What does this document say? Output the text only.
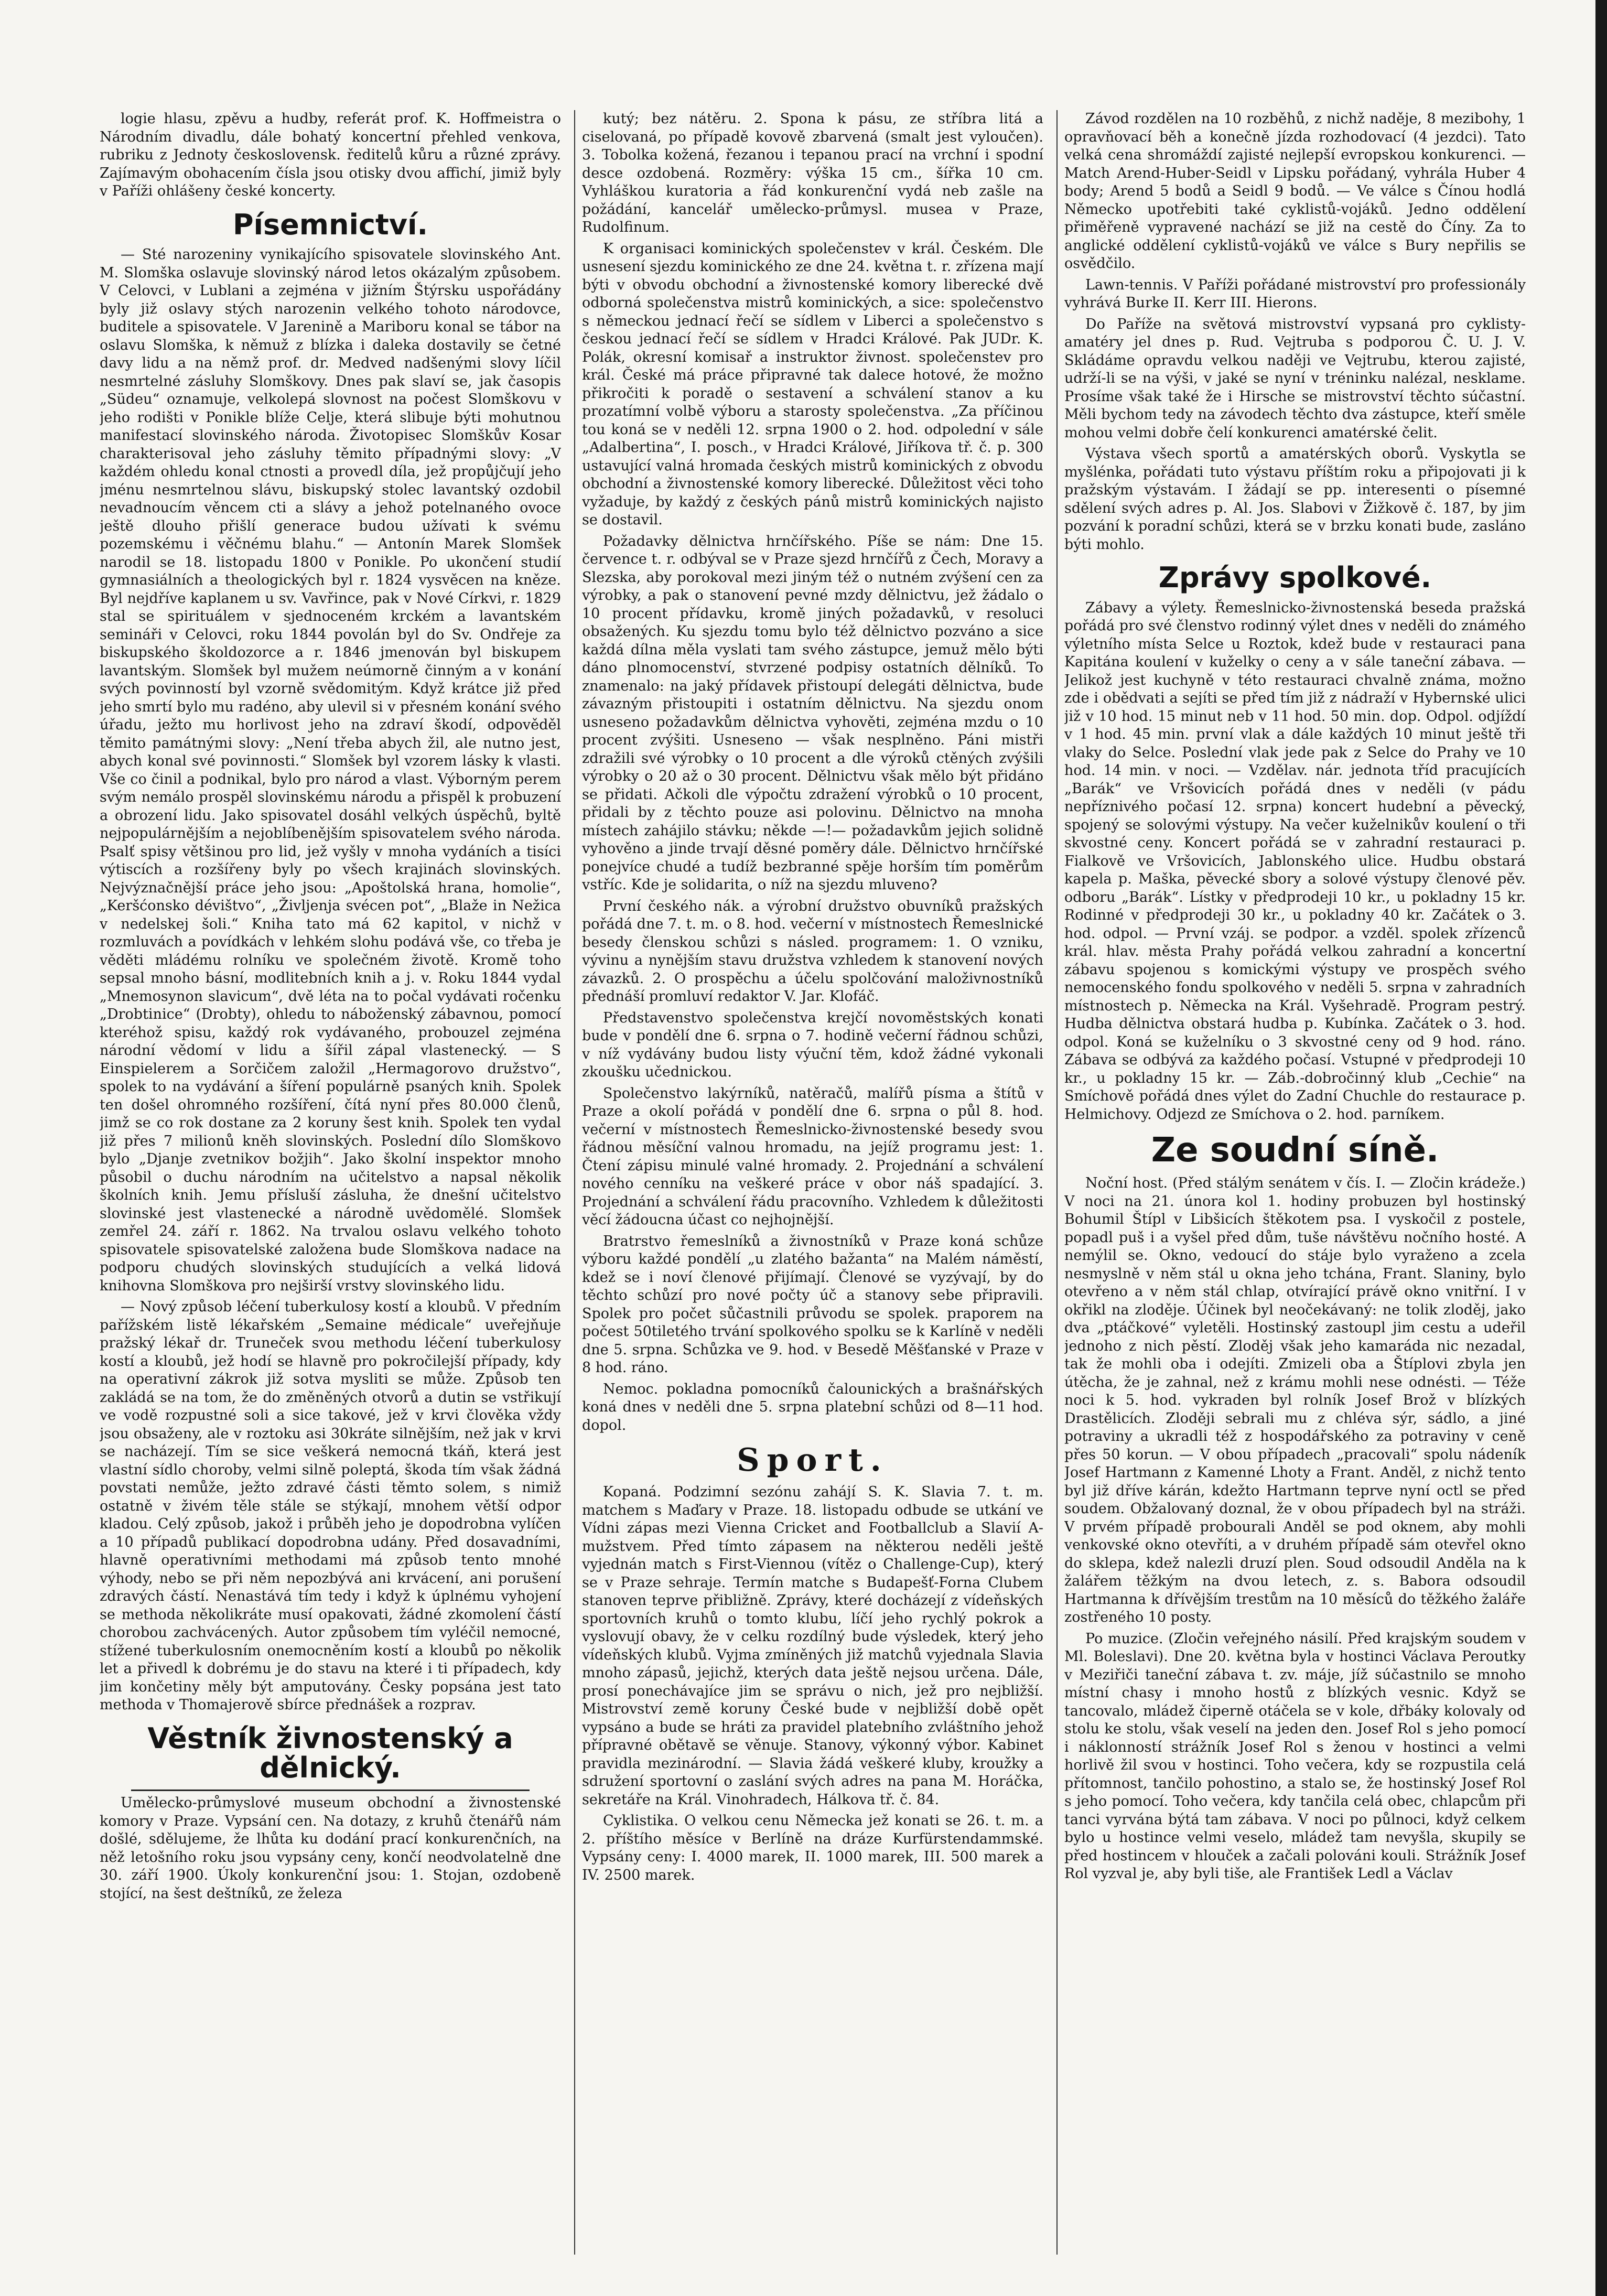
logie hlasu, zpěvu a hudby, referát prof. K. Hoffmeistra o Národním divadlu, dále bohatý koncertní přehled venkova, rubriku z Jednoty československ. ředitelů kůru a různé zprávy. Zajímavým obohacením čísla jsou otisky dvou affichí, jimiž byly v Paříži ohlášeny české koncerty.

Písemnictví.

— Sté narozeniny vynikajícího spisovatele slovinského Ant. M. Slomška oslavuje slovinský národ letos okázalým způsobem. V Celovci, v Lublani a zejména v jižním Štýrsku uspořádány byly již oslavy stých narozenin velkého tohoto národovce, buditele a spisovatele. V Jarenině a Mariboru konal se tábor na oslavu Slomška, k němuž z blízka i daleka dostavily se četné davy lidu a na němž prof. dr. Medved nadšenými slovy líčil nesmrtelné zásluhy Slomškovy. Dnes pak slaví se, jak časopis „Südeu“ oznamuje, velkolepá slovnost na počest Slomškovu v jeho rodišti v Ponikle blíže Celje, která slibuje býti mohutnou manifestací slovinského národa. Životopisec Slomškův Kosar charakterisoval jeho zásluhy těmito případnými slovy: „V každém ohledu konal ctnosti a provedl díla, jež propůjčují jeho jménu nesmrtelnou slávu, biskupský stolec lavantský ozdobil nevadnoucím věncem cti a slávy a jehož potelnaného ovoce ještě dlouho přišlí generace budou užívati k svému pozemskému i věčnému blahu.“ — Antonín Marek Slomšek narodil se 18. listopadu 1800 v Ponikle. Po ukončení studií gymnasiálních a theologických byl r. 1824 vysvěcen na kněze. Byl nejdříve kaplanem u sv. Vavřince, pak v Nové Církvi, r. 1829 stal se spirituálem v sjednoceném krckém a lavantském semináři v Celovci, roku 1844 povolán byl do Sv. Ondřeje za biskupského školdozorce a r. 1846 jmenován byl biskupem lavantským. Slomšek byl mužem neúmorně činným a v konání svých povinností byl vzorně svědomitým. Když krátce již před jeho smrtí bylo mu radéno, aby ulevil si v přesném konání svého úřadu, ježto mu horlivost jeho na zdraví škodí, odpověděl těmito památnými slovy: „Není třeba abych žil, ale nutno jest, abych konal své povinnosti.“ Slomšek byl vzorem lásky k vlasti. Vše co činil a podnikal, bylo pro národ a vlast. Výborným perem svým nemálo prospěl slovinskému národu a přispěl k probuzení a obrození lidu. Jako spisovatel dosáhl velkých úspěchů, byltě nejpopulárnějším a nejoblíbenějším spisovatelem svého národa. Psalť spisy většinou pro lid, jež vyšly v mnoha vydáních a tisíci výtiscích a rozšířeny byly po všech krajinách slovinských. Nejvýznačnější práce jeho jsou: „Apoštolská hrana, homolie“, „Keršćonsko dévištvo“, „Življenja svécen pot“, „Blaže in Nežica v nedelskej šoli.“ Kniha tato má 62 kapitol, v nichž v rozmluvách a povídkách v lehkém slohu podává vše, co třeba je věděti mládému rolníku ve společném životě. Kromě toho sepsal mnoho básní, modlitebních knih a j. v. Roku 1844 vydal „Mnemosynon slavicum“, dvě léta na to počal vydávati ročenku „Drobtinice“ (Drobty), ohledu to náboženský zábavnou, pomocí kteréhož spisu, každý rok vydávaného, probouzel zejména národní vědomí v lidu a šířil zápal vlastenecký. — S Einspielerem a Sorčičem založil „Hermagorovo družstvo“, spolek to na vydávání a šíření populárně psaných knih. Spolek ten došel ohromného rozšíření, čítá nyní přes 80.000 členů, jimž se co rok dostane za 2 koruny šest knih. Spolek ten vydal již přes 7 milionů kněh slovinských. Poslední dílo Slomškovo bylo „Djanje zvetnikov božjih“. Jako školní inspektor mnoho působil o duchu národním na učitelstvo a napsal několik školních knih. Jemu přísluší zásluha, že dnešní učitelstvo slovinské jest vlastenecké a národně uvědomělé. Slomšek zemřel 24. září r. 1862. Na trvalou oslavu velkého tohoto spisovatele spisovatelské založena bude Slomškova nadace na podporu chudých slovinských studujících a velká lidová knihovna Slomškova pro nejširší vrstvy slovinského lidu.

— Nový způsob léčení tuberkulosy kostí a kloubů. V předním pařížském listě lékařském „Semaine médicale“ uveřejňuje pražský lékař dr. Truneček svou methodu léčení tuberkulosy kostí a kloubů, jež hodí se hlavně pro pokročilejší případy, kdy na operativní zákrok již sotva mysliti se může. Způsob ten zakládá se na tom, že do změněných otvorů a dutin se vstřikují ve vodě rozpustné soli a sice takové, jež v krvi člověka vždy jsou obsaženy, ale v roztoku asi 30kráte silnějším, než jak v krvi se nacházejí. Tím se sice veškerá nemocná tkáň, která jest vlastní sídlo choroby, velmi silně poleptá, škoda tím však žádná povstati nemůže, ježto zdravé části těmto solem, s nimiž ostatně v živém těle stále se stýkají, mnohem větší odpor kladou. Celý způsob, jakož i průběh jeho je dopodrobna vylíčen a 10 případů publikací dopodrobna udány. Před dosavadními, hlavně operativními methodami má způsob tento mnohé výhody, nebo se při něm nepozbývá ani krvácení, ani porušení zdravých částí. Nenastává tím tedy i když k úplnému vyhojení se methoda několikráte musí opakovati, žádné zkomolení částí chorobou zachvácených. Autor způsobem tím vyléčil nemocné, stížené tuberkulosním onemocněním kostí a kloubů po několik let a přivedl k dobrému je do stavu na které i ti případech, kdy jim končetiny měly být amputovány. Česky popsána jest tato methoda v Thomajerově sbírce přednášek a rozprav.

Věstník živnostenský a dělnický.

Umělecko-průmyslové museum obchodní a živnostenské komory v Praze. Vypsání cen. Na dotazy, z kruhů čtenářů nám došlé, sdělujeme, že lhůta ku dodání prací konkurenčních, na něž letošního roku jsou vypsány ceny, končí neodvolatelně dne 30. září 1900. Úkoly konkurenční jsou: 1. Stojan, ozdobeně stojící, na šest deštníků, ze železa

kutý; bez nátěru. 2. Spona k pásu, ze stříbra litá a ciselovaná, po případě kovově zbarvená (smalt jest vyloučen). 3. Tobolka kožená, řezanou i tepanou prací na vrchní i spodní desce ozdobená. Rozměry: výška 15 cm., šířka 10 cm. Vyhláškou kuratoria a řád konkurenční vydá neb zašle na požádání, kancelář umělecko-průmysl. musea v Praze, Rudolfinum.

K organisaci kominických společenstev v král. Českém. Dle usnesení sjezdu kominického ze dne 24. května t. r. zřízena mají býti v obvodu obchodní a živnostenské komory liberecké dvě odborná společenstva mistrů kominických, a sice: společenstvo s německou jednací řečí se sídlem v Liberci a společenstvo s českou jednací řečí se sídlem v Hradci Králové. Pak JUDr. K. Polák, okresní komisař a instruktor živnost. společenstev pro král. České má práce připravné tak dalece hotové, že možno přikročiti k poradě o sestavení a schválení stanov a ku prozatímní volbě výboru a starosty společenstva. „Za příčinou tou koná se v neděli 12. srpna 1900 o 2. hod. odpolední v sále „Adalbertina“, I. posch., v Hradci Králové, Jiříkova tř. č. p. 300 ustavující valná hromada českých mistrů kominických z obvodu obchodní a živnostenské komory liberecké. Důležitost věci toho vyžaduje, by každý z českých pánů mistrů kominických najisto se dostavil.

Požadavky dělnictva hrnčířského. Píše se nám: Dne 15. července t. r. odbýval se v Praze sjezd hrnčířů z Čech, Moravy a Slezska, aby porokoval mezi jiným též o nutném zvýšení cen za výrobky, a pak o stanovení pevné mzdy dělnictvu, jež žádalo o 10 procent přídavku, kromě jiných požadavků, v resoluci obsažených. Ku sjezdu tomu bylo též dělnictvo pozváno a sice každá dílna měla vyslati tam svého zástupce, jemuž mělo býti dáno plnomocenství, stvrzené podpisy ostatních dělníků. To znamenalo: na jaký přídavek přistoupí delegáti dělnictva, bude závazným přistoupiti i ostatním dělnictvu. Na sjezdu onom usneseno požadavkům dělnictva vyhověti, zejména mzdu o 10 procent zvýšiti. Usneseno — však nesplněno. Páni mistři zdražili své výrobky o 10 procent a dle výroků ctěných zvýšili výrobky o 20 až o 30 procent. Dělnictvu však mělo být přidáno se přidati. Ačkoli dle výpočtu zdražení výrobků o 10 procent, přidali by z těchto pouze asi polovinu. Dělnictvo na mnoha místech zahájilo stávku; někde —!— požadavkům jejich solidně vyhověno a jinde trvají děsné poměry dále. Dělnictvo hrnčířské ponejvíce chudé a tudíž bezbranné spěje horším tím poměrům vstříc. Kde je solidarita, o níž na sjezdu mluveno?

První českého nák. a výrobní družstvo obuvníků pražských pořádá dne 7. t. m. o 8. hod. večerní v místnostech Řemeslnické besedy členskou schůzi s násled. programem: 1. O vzniku, vývinu a nynějším stavu družstva vzhledem k stanovení nových závazků. 2. O prospěchu a účelu spolčování maloživnostníků přednáší promluví redaktor V. Jar. Klofáč.

Představenstvo společenstva krejčí novoměstských konati bude v pondělí dne 6. srpna o 7. hodině večerní řádnou schůzi, v níž vydávány budou listy výuční těm, kdož žádné vykonali zkoušku učednickou.

Společenstvo lakýrníků, natěračů, malířů písma a štítů v Praze a okolí pořádá v pondělí dne 6. srpna o půl 8. hod. večerní v místnostech Řemeslnicko-živnostenské besedy svou řádnou měsíční valnou hromadu, na jejíž programu jest: 1. Čtení zápisu minulé valné hromady. 2. Projednání a schválení nového cenníku na veškeré práce v obor náš spadající. 3. Projednání a schválení řádu pracovního. Vzhledem k důležitosti věcí žádoucna účast co nejhojnější.

Bratrstvo řemeslníků a živnostníků v Praze koná schůze výboru každé pondělí „u zlatého bažanta“ na Malém náměstí, kdež se i noví členové přijímají. Členové se vyzývají, by do těchto schůzí pro nové počty úč a stanovy sebe připravili. Spolek pro počet sůčastnili průvodu se spolek. praporem na počest 50tiletého trvání spolkového spolku se k Karlíně v neděli dne 5. srpna. Schůzka ve 9. hod. v Besedě Měšťanské v Praze v 8 hod. ráno.

Nemoc. pokladna pomocníků čalounických a brašnářských koná dnes v neděli dne 5. srpna platební schůzi od 8—11 hod. dopol.

Sport.

Kopaná. Podzimní sezónu zahájí S. K. Slavia 7. t. m. matchem s Maďary v Praze. 18. listopadu odbude se utkání ve Vídni zápas mezi Vienna Cricket and Footballclub a Slavií A-mužstvem. Před tímto zápasem na některou neděli ještě vyjednán match s First-Viennou (vítěz o Challenge-Cup), který se v Praze sehraje. Termín matche s Budapešť-Forna Clubem stanoven teprve přibližně. Zprávy, které docházejí z vídeňských sportovních kruhů o tomto klubu, líčí jeho rychlý pokrok a vyslovují obavy, že v celku rozdílný bude výsledek, který jeho vídeňských klubů. Vyjma zmíněných již matchů vyjednala Slavia mnoho zápasů, jejichž, kterých data ještě nejsou určena. Dále, prosí ponechávajíce jim se správu o nich, jež pro nejbližší. Mistrovství země koruny České bude v nejbližší době opět vypsáno a bude se hráti za pravidel platebního zvláštního jehož přípravné obětavě se věnuje. Stanovy, výkonný výbor. Kabinet pravidla mezinárodní. — Slavia žádá veškeré kluby, kroužky a sdružení sportovní o zaslání svých adres na pana M. Horáčka, sekretáře na Král. Vinohradech, Hálkova tř. č. 84.

Cyklistika. O velkou cenu Německa jež konati se 26. t. m. a 2. příštího měsíce v Berlíně na dráze Kurfürstendammské. Vypsány ceny: I. 4000 marek, II. 1000 marek, III. 500 marek a IV. 2500 marek.

Závod rozdělen na 10 rozběhů, z nichž naděje, 8 mezibohy, 1 opravňovací běh a konečně jízda rozhodovací (4 jezdci). Tato velká cena shromáždí zajisté nejlepší evropskou konkurenci. — Match Arend-Huber-Seidl v Lipsku pořádaný, vyhrála Huber 4 body; Arend 5 bodů a Seidl 9 bodů. — Ve válce s Čínou hodlá Německo upotřebiti také cyklistů-vojáků. Jedno oddělení přiměřeně vypravené nachází se již na cestě do Číny. Za to anglické oddělení cyklistů-vojáků ve válce s Bury nepřilis se osvědčilo.

Lawn-tennis. V Paříži pořádané mistrovství pro professionály vyhrává Burke II. Kerr III. Hierons.

Do Paříže na světová mistrovství vypsaná pro cyklisty-amatéry jel dnes p. Rud. Vejtruba s podporou Č. U. J. V. Skládáme opravdu velkou naději ve Vejtrubu, kterou zajisté, udrží-li se na výši, v jaké se nyní v tréninku nalézal, nesklame. Prosíme však také že i Hirsche se mistrovství těchto súčastní. Měli bychom tedy na závodech těchto dva zástupce, kteří směle mohou velmi dobře čelí konkurenci amatérské čelit.

Výstava všech sportů a amatérských oborů. Vyskytla se myšlénka, pořádati tuto výstavu příštím roku a připojovati ji k pražským výstavám. I žádají se pp. interesenti o písemné sdělení svých adres p. Al. Jos. Slabovi v Žižkově č. 187, by jim pozvání k poradní schůzi, která se v brzku konati bude, zasláno býti mohlo.

Zprávy spolkové.

Zábavy a výlety. Řemeslnicko-živnostenská beseda pražská pořádá pro své členstvo rodinný výlet dnes v neděli do známého výletního místa Selce u Roztok, kdež bude v restauraci pana Kapitána koulení v kuželky o ceny a v sále taneční zábava. — Jelikož jest kuchyně v této restauraci chvalně známa, možno zde i obědvati a sejíti se před tím již z nádraží v Hybernské ulici již v 10 hod. 15 minut neb v 11 hod. 50 min. dop. Odpol. odjíždí v 1 hod. 45 min. první vlak a dále každých 10 minut ještě tři vlaky do Selce. Poslední vlak jede pak z Selce do Prahy ve 10 hod. 14 min. v noci. — Vzdělav. nár. jednota tříd pracujících „Barák“ ve Vršovicích pořádá dnes v neděli (v pádu nepříznivého počasí 12. srpna) koncert hudební a pěvecký, spojený se solovými výstupy. Na večer kuželnikův koulení o tři skvostné ceny. Koncert pořádá se v zahradní restauraci p. Fialkově ve Vršovicích, Jablonského ulice. Hudbu obstará kapela p. Maška, pěvecké sbory a solové výstupy členové pěv. odboru „Barák“. Lístky v předprodeji 10 kr., u pokladny 15 kr. Rodinné v předprodeji 30 kr., u pokladny 40 kr. Začátek o 3. hod. odpol. — První vzáj. se podpor. a vzděl. spolek zřízenců král. hlav. města Prahy pořádá velkou zahradní a koncertní zábavu spojenou s komickými výstupy ve prospěch svého nemocenského fondu spolkového v neděli 5. srpna v zahradních místnostech p. Německa na Král. Vyšehradě. Program pestrý. Hudba dělnictva obstará hudba p. Kubínka. Začátek o 3. hod. odpol. Koná se kuželníku o 3 skvostné ceny od 9 hod. ráno. Zábava se odbývá za každého počasí. Vstupné v předprodeji 10 kr., u pokladny 15 kr. — Záb.-dobročinný klub „Cechie“ na Smíchově pořádá dnes výlet do Zadní Chuchle do restaurace p. Helmichovy. Odjezd ze Smíchova o 2. hod. parníkem.

Ze soudní síně.

Noční host. (Před stálým senátem v čís. I. — Zločin krádeže.) V noci na 21. února kol 1. hodiny probuzen byl hostinský Bohumil Štípl v Libšicích štěkotem psa. I vyskočil z postele, popadl puš i a vyšel před dům, tuše návštěvu nočního hosté. A nemýlil se. Okno, vedoucí do stáje bylo vyraženo a zcela nesmyslně v něm stál u okna jeho tchána, Frant. Slaniny, bylo otevřeno a v něm stál chlap, otvírající právě okno vnitřní. I v okřikl na zloděje. Účinek byl neočekávaný: ne tolik zloděj, jako dva „ptáčkové“ vyletěli. Hostinský zastoupl jim cestu a udeřil jednoho z nich pěstí. Zloděj však jeho kamaráda nic nezadal, tak že mohli oba i odejíti. Zmizeli oba a Štíplovi zbyla jen útěcha, že je zahnal, než z krámu mohli nese odnésti. — Téže noci k 5. hod. vykraden byl rolník Josef Brož v blízkých Drastělicích. Zloději sebrali mu z chléva sýr, sádlo, a jiné potraviny a ukradli též z hospodářského za potraviny v ceně přes 50 korun. — V obou případech „pracovali“ spolu nádeník Josef Hartmann z Kamenné Lhoty a Frant. Anděl, z nichž tento byl již dříve kárán, kdežto Hartmann teprve nyní octl se před soudem. Obžalovaný doznal, že v obou případech byl na stráži. V prvém případě probourali Anděl se pod oknem, aby mohli venkovské okno otevříti, a v druhém případě sám otevřel okno do sklepa, kdež nalezli druzí plen. Soud odsoudil Anděla na k žalářem těžkým na dvou letech, z. s. Babora odsoudil Hartmanna k dřívějším trestům na 10 měsíců do těžkého žaláře zostřeného 10 posty.

Po muzice. (Zločin veřejného násilí. Před krajským soudem v Ml. Boleslavi). Dne 20. května byla v hostinci Václava Peroutky v Meziřiči taneční zábava t. zv. máje, jíž súčastnilo se mnoho místní chasy i mnoho hostů z blízkých vesnic. Když se tancovalo, mládež čiperně otáčela se v kole, dřbáky kolovaly od stolu ke stolu, však veselí na jeden den. Josef Rol s jeho pomocí i náklonností strážník Josef Rol s ženou v hostinci a velmi horlivě žil svou v hostinci. Toho večera, kdy se rozpustila celá přítomnost, tančilo pohostino, a stalo se, že hostinský Josef Rol s jeho pomocí. Toho večera, kdy tančila celá obec, chlapcům při tanci vyrvána býtá tam zábava. V noci po půlnoci, když celkem bylo u hostince velmi veselo, mládež tam nevyšla, skupily se před hostincem v hlouček a začali polováni kouli. Strážník Josef Rol vyzval je, aby byli tiše, ale František Ledl a Václav
